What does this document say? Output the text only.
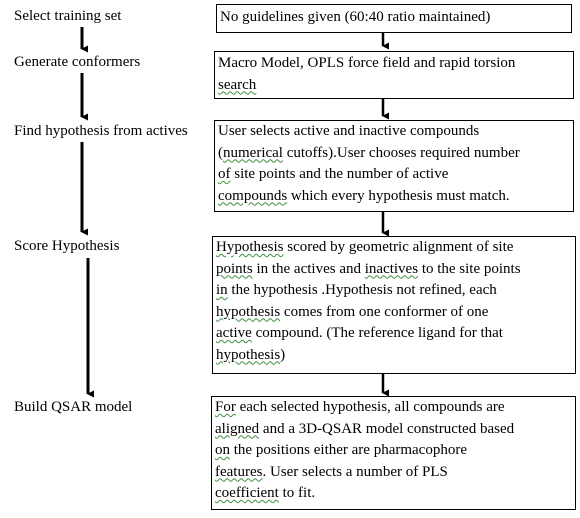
Select training set
Generate conformers
Find hypothesis from actives
Score Hypothesis
Build QSAR model
No guidelines given (60:40 ratio maintained)
Macro Model, OPLS force field and rapid torsion
search
User selects active and inactive compounds
(numerical cutoffs).User chooses required number
of site points and the number of active
compounds which every hypothesis must match.
Hypothesis scored by geometric alignment of site
points in the actives and inactives to the site points
in the hypothesis .Hypothesis not refined, each
hypothesis comes from one conformer of one
active compound. (The reference ligand for that
hypothesis)
For each selected hypothesis, all compounds are
aligned and a 3D-QSAR model constructed based
on the positions either are pharmacophore
features. User selects a number of PLS
coefficient to fit.
